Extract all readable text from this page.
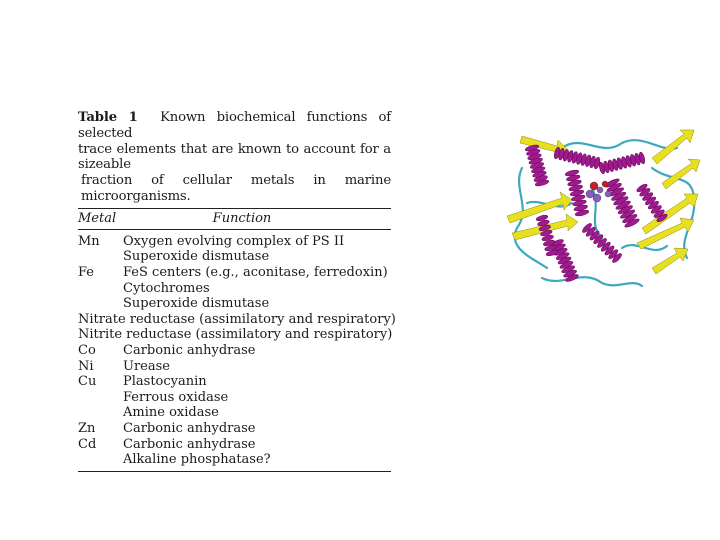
Table 1 Known biochemical functions of selected
trace elements that are known to account for a sizeable
fraction of cellular metals in marine microorganisms.

Metal	Function
Mn	Oxygen evolving complex of PS II
Superoxide dismutase
Fe	FeS centers (e.g., aconitase, ferredoxin)
Cytochromes
Superoxide dismutase
Nitrate reductase (assimilatory and respiratory)
Nitrite reductase (assimilatory and respiratory)
Co	Carbonic anhydrase
Ni	Urease
Cu	Plastocyanin
Ferrous oxidase
Amine oxidase
Zn	Carbonic anhydrase
Cd	Carbonic anhydrase
Alkaline phosphatase?
